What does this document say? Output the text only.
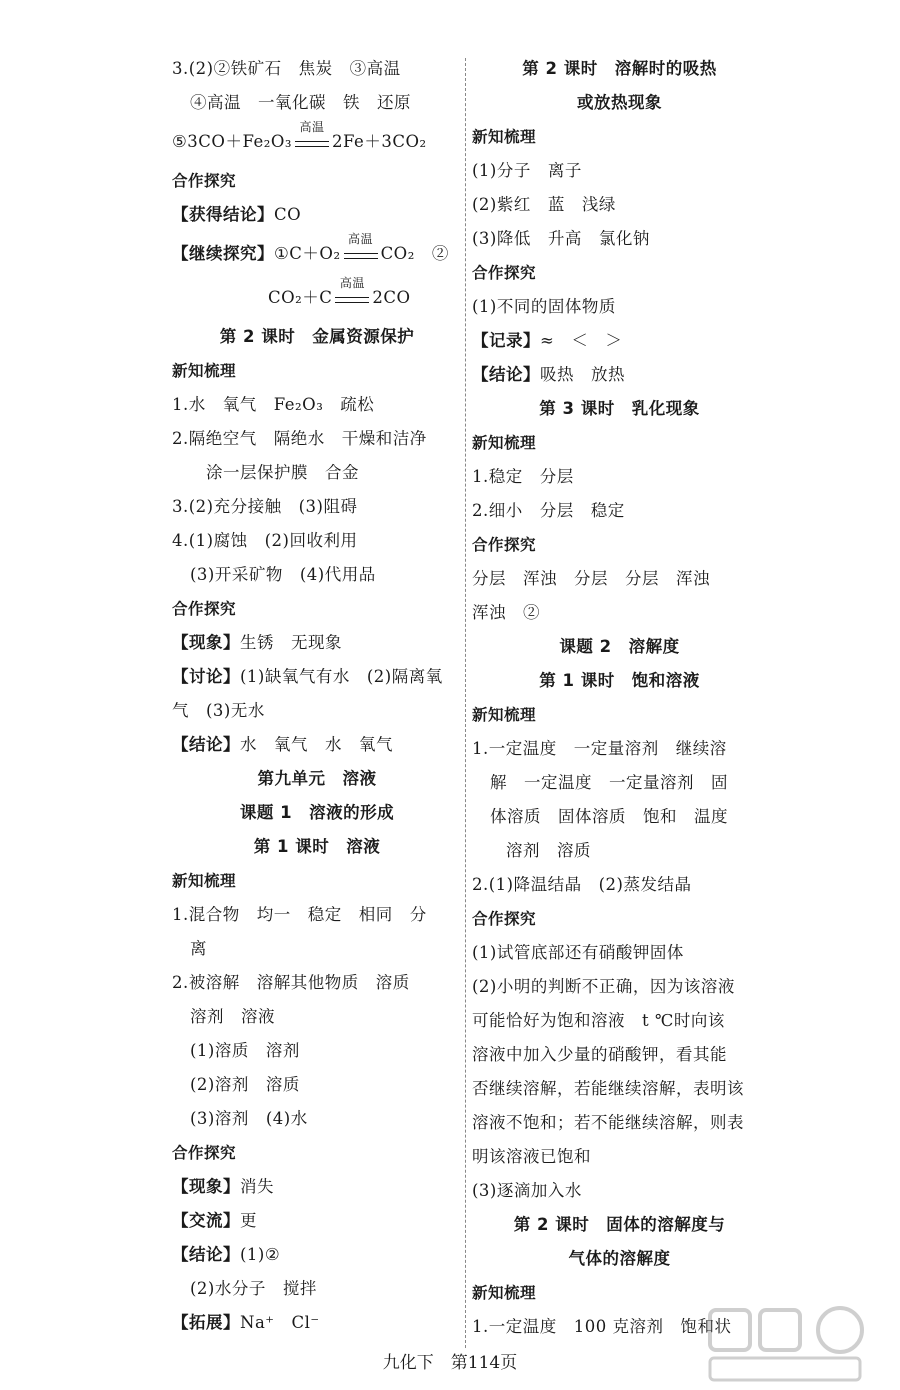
3.(2)②铁矿石　焦炭　③高温
④高温　一氧化碳　铁　还原
⑤3CO＋Fe₂O₃
高温
2Fe＋3CO₂
合作探究
【获得结论】CO
【继续探究】①C＋O₂
高温
CO₂　②
CO₂＋C
高温
2CO
第 2 课时　金属资源保护
新知梳理
1.水　氧气　Fe₂O₃　疏松
2.隔绝空气　隔绝水　干燥和洁净
涂一层保护膜　合金
3.(2)充分接触　(3)阻碍
4.(1)腐蚀　(2)回收利用
(3)开采矿物　(4)代用品
合作探究
【现象】生锈　无现象
【讨论】(1)缺氧气有水　(2)隔离氧
气　(3)无水
【结论】水　氧气　水　氧气
第九单元　溶液
课题 1　溶液的形成
第 1 课时　溶液
新知梳理
1.混合物　均一　稳定　相同　分
离
2.被溶解　溶解其他物质　溶质
溶剂　溶液
(1)溶质　溶剂
(2)溶剂　溶质
(3)溶剂　(4)水
合作探究
【现象】消失
【交流】更
【结论】(1)②
(2)水分子　搅拌
【拓展】Na⁺　Cl⁻
第 2 课时　溶解时的吸热
或放热现象
新知梳理
(1)分子　离子
(2)紫红　蓝　浅绿
(3)降低　升高　氯化钠
合作探究
(1)不同的固体物质
【记录】≈　＜　＞
【结论】吸热　放热
第 3 课时　乳化现象
新知梳理
1.稳定　分层
2.细小　分层　稳定
合作探究
分层　浑浊　分层　分层　浑浊
浑浊　②
课题 2　溶解度
第 1 课时　饱和溶液
新知梳理
1.一定温度　一定量溶剂　继续溶
解　一定温度　一定量溶剂　固
体溶质　固体溶质　饱和　温度
溶剂　溶质
2.(1)降温结晶　(2)蒸发结晶
合作探究
(1)试管底部还有硝酸钾固体
(2)小明的判断不正确，因为该溶液
可能恰好为饱和溶液　t ℃时向该
溶液中加入少量的硝酸钾，看其能
否继续溶解，若能继续溶解，表明该
溶液不饱和；若不能继续溶解，则表
明该溶液已饱和
(3)逐滴加入水
第 2 课时　固体的溶解度与
气体的溶解度
新知梳理
1.一定温度　100 克溶剂　饱和状
九化下　第114页
